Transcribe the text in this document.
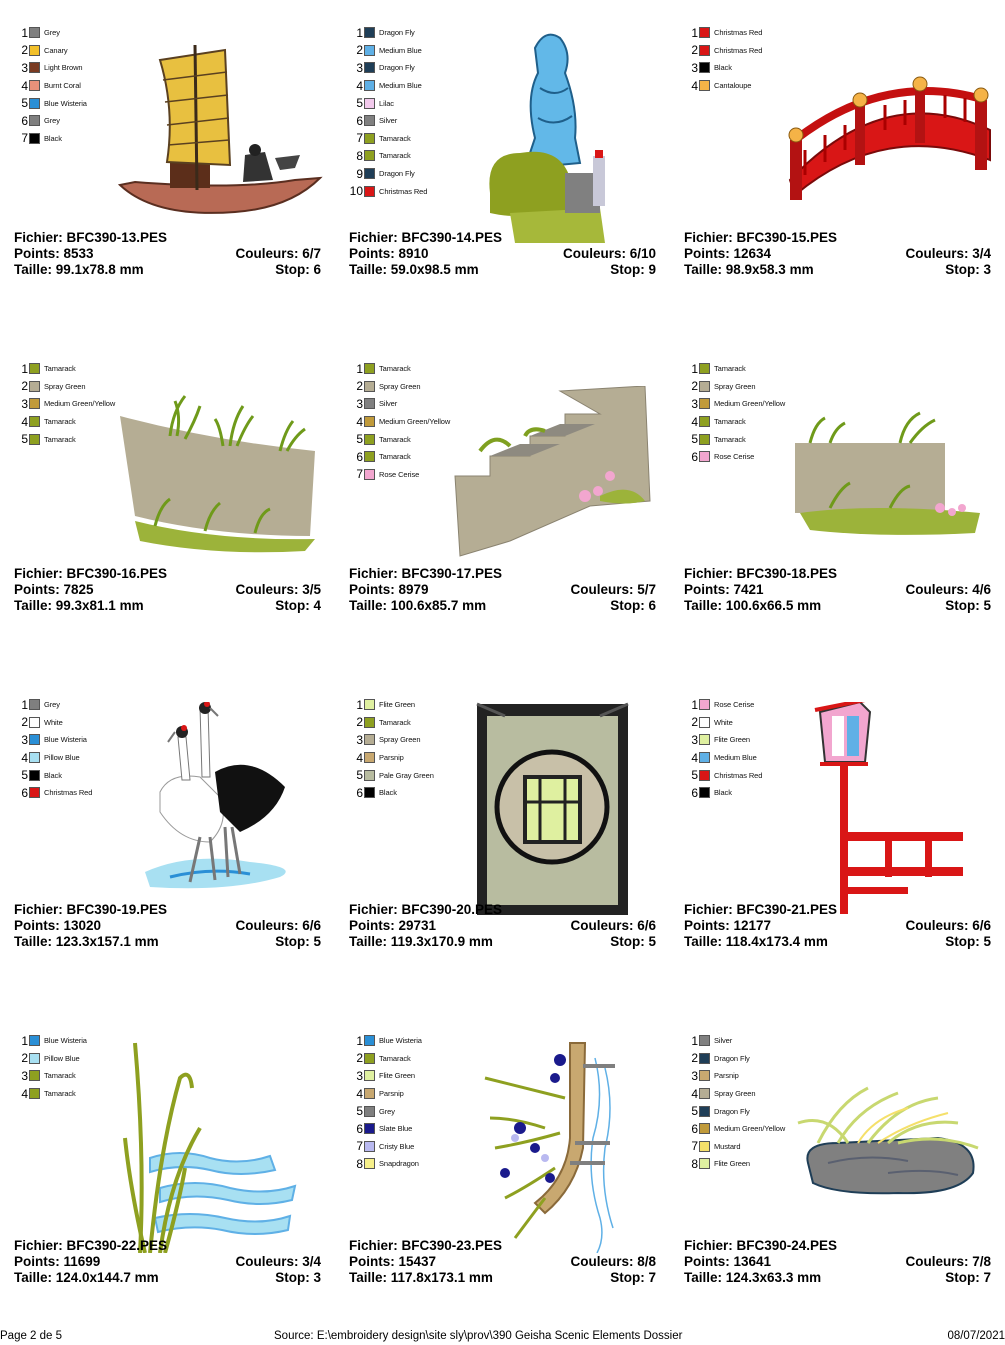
1 Grey
2 Canary
3 Light Brown
4 Burnt Coral
5 Blue Wisteria
6 Grey
7 Black
Fichier: BFC390-13.PES
Points: 8533	Couleurs: 6/7
Taille: 99.1x78.8 mm	Stop: 6
1 Dragon Fly
2 Medium Blue
3 Dragon Fly
4 Medium Blue
5 Lilac
6 Silver
7 Tamarack
8 Tamarack
9 Dragon Fly
10 Christmas Red
Fichier: BFC390-14.PES
Points: 8910	Couleurs: 6/10
Taille: 59.0x98.5 mm	Stop: 9
1 Christmas Red
2 Christmas Red
3 Black
4 Cantaloupe
Fichier: BFC390-15.PES
Points: 12634	Couleurs: 3/4
Taille: 98.9x58.3 mm	Stop: 3
1 Tamarack
2 Spray Green
3 Medium Green/Yellow
4 Tamarack
5 Tamarack
Fichier: BFC390-16.PES
Points: 7825	Couleurs: 3/5
Taille: 99.3x81.1 mm	Stop: 4
1 Tamarack
2 Spray Green
3 Silver
4 Medium Green/Yellow
5 Tamarack
6 Tamarack
7 Rose Cerise
Fichier: BFC390-17.PES
Points: 8979	Couleurs: 5/7
Taille: 100.6x85.7 mm	Stop: 6
1 Tamarack
2 Spray Green
3 Medium Green/Yellow
4 Tamarack
5 Tamarack
6 Rose Cerise
Fichier: BFC390-18.PES
Points: 7421	Couleurs: 4/6
Taille: 100.6x66.5 mm	Stop: 5
1 Grey
2 White
3 Blue Wisteria
4 Pillow Blue
5 Black
6 Christmas Red
Fichier: BFC390-19.PES
Points: 13020	Couleurs: 6/6
Taille: 123.3x157.1 mm	Stop: 5
1 Flite Green
2 Tamarack
3 Spray Green
4 Parsnip
5 Pale Gray Green
6 Black
Fichier: BFC390-20.PES
Points: 29731	Couleurs: 6/6
Taille: 119.3x170.9 mm	Stop: 5
1 Rose Cerise
2 White
3 Flite Green
4 Medium Blue
5 Christmas Red
6 Black
Fichier: BFC390-21.PES
Points: 12177	Couleurs: 6/6
Taille: 118.4x173.4 mm	Stop: 5
1 Blue Wisteria
2 Pillow Blue
3 Tamarack
4 Tamarack
Fichier: BFC390-22.PES
Points: 11699	Couleurs: 3/4
Taille: 124.0x144.7 mm	Stop: 3
1 Blue Wisteria
2 Tamarack
3 Flite Green
4 Parsnip
5 Grey
6 Slate Blue
7 Cristy Blue
8 Snapdragon
Fichier: BFC390-23.PES
Points: 15437	Couleurs: 8/8
Taille: 117.8x173.1 mm	Stop: 7
1 Silver
2 Dragon Fly
3 Parsnip
4 Spray Green
5 Dragon Fly
6 Medium Green/Yellow
7 Mustard
8 Flite Green
Fichier: BFC390-24.PES
Points: 13641	Couleurs: 7/8
Taille: 124.3x63.3 mm	Stop: 7
Page 2 de 5	Source: E:\embroidery design\site sly\prov\390 Geisha Scenic Elements Dossier	08/07/2021
